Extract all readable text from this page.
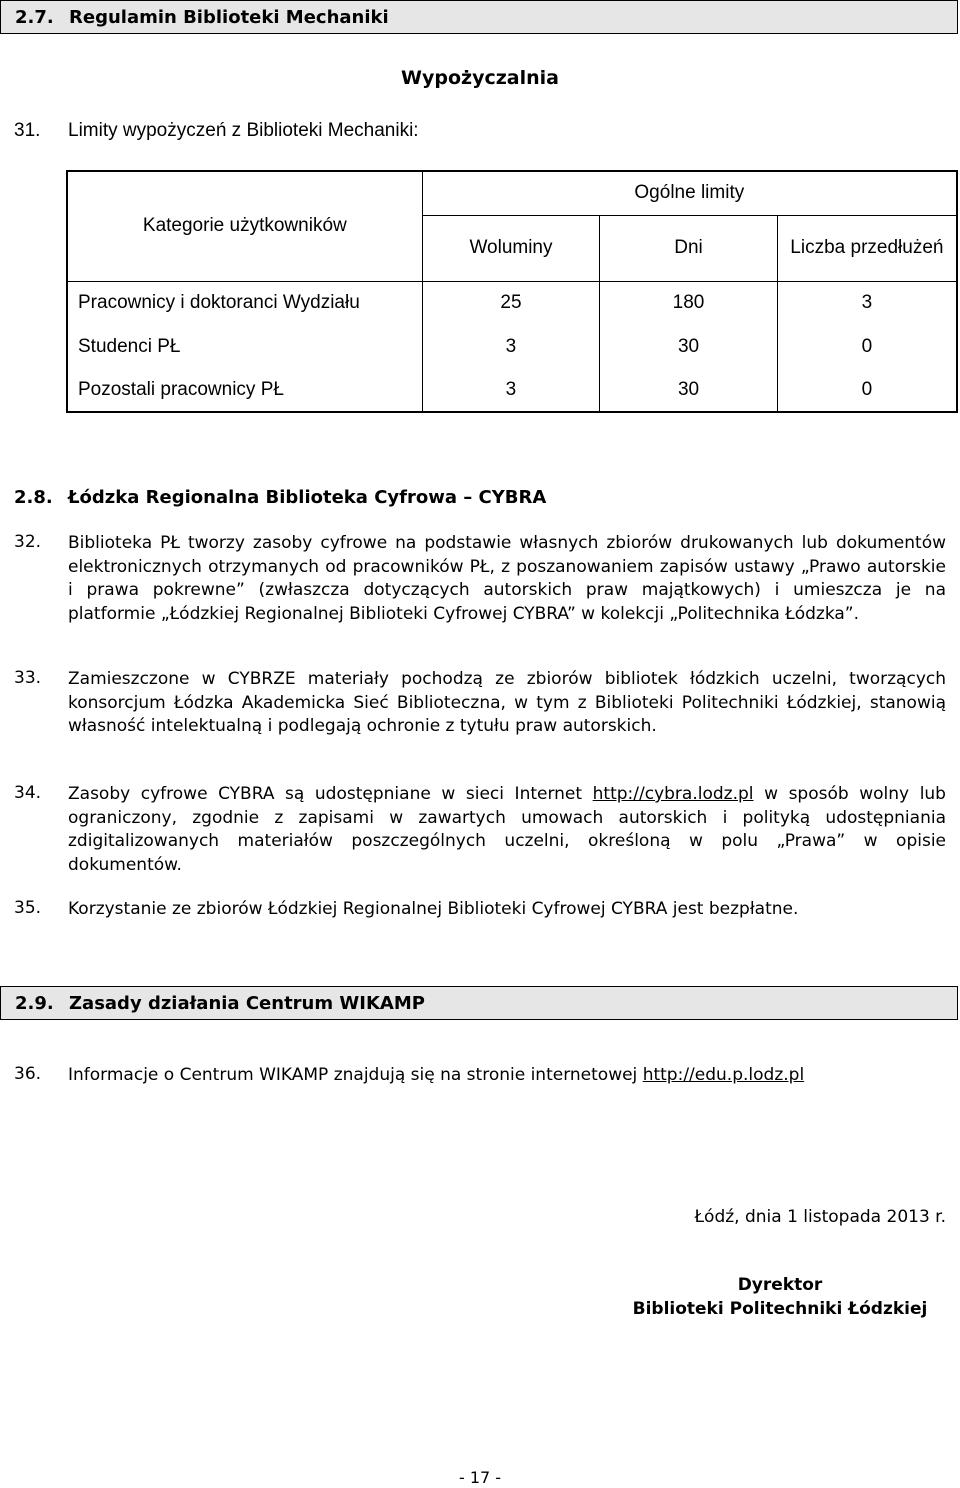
2.7. Regulamin Biblioteki Mechaniki
Wypożyczalnia
31. Limity wypożyczeń z Biblioteki Mechaniki:
Kategorie użytkowników	Ogólne limity		
	Woluminy	Dni	Liczba przedłużeń
Pracownicy i doktoranci Wydziału	25	180	3
Studenci PŁ	3	30	0
Pozostali pracownicy PŁ	3	30	0
2.8. Łódzka Regionalna Biblioteka Cyfrowa – CYBRA
32. Biblioteka PŁ tworzy zasoby cyfrowe na podstawie własnych zbiorów drukowanych lub dokumentów elektronicznych otrzymanych od pracowników PŁ, z poszanowaniem zapisów ustawy „Prawo autorskie i prawa pokrewne” (zwłaszcza dotyczących autorskich praw majątkowych) i umieszcza je na platformie „Łódzkiej Regionalnej Biblioteki Cyfrowej CYBRA” w kolekcji „Politechnika Łódzka”.
33. Zamieszczone w CYBRZE materiały pochodzą ze zbiorów bibliotek łódzkich uczelni, tworzących konsorcjum Łódzka Akademicka Sieć Biblioteczna, w tym z Biblioteki Politechniki Łódzkiej, stanowią własność intelektualną i podlegają ochronie z tytułu praw autorskich.
34. Zasoby cyfrowe CYBRA są udostępniane w sieci Internet http://cybra.lodz.pl w sposób wolny lub ograniczony, zgodnie z zapisami w zawartych umowach autorskich i polityką udostępniania zdigitalizowanych materiałów poszczególnych uczelni, określoną w polu „Prawa” w opisie dokumentów.
35. Korzystanie ze zbiorów Łódzkiej Regionalnej Biblioteki Cyfrowej CYBRA jest bezpłatne.
2.9. Zasady działania Centrum WIKAMP
36. Informacje o Centrum WIKAMP znajdują się na stronie internetowej http://edu.p.lodz.pl
Łódź, dnia 1 listopada 2013 r.
Dyrektor
Biblioteki Politechniki Łódzkiej
- 17 -
